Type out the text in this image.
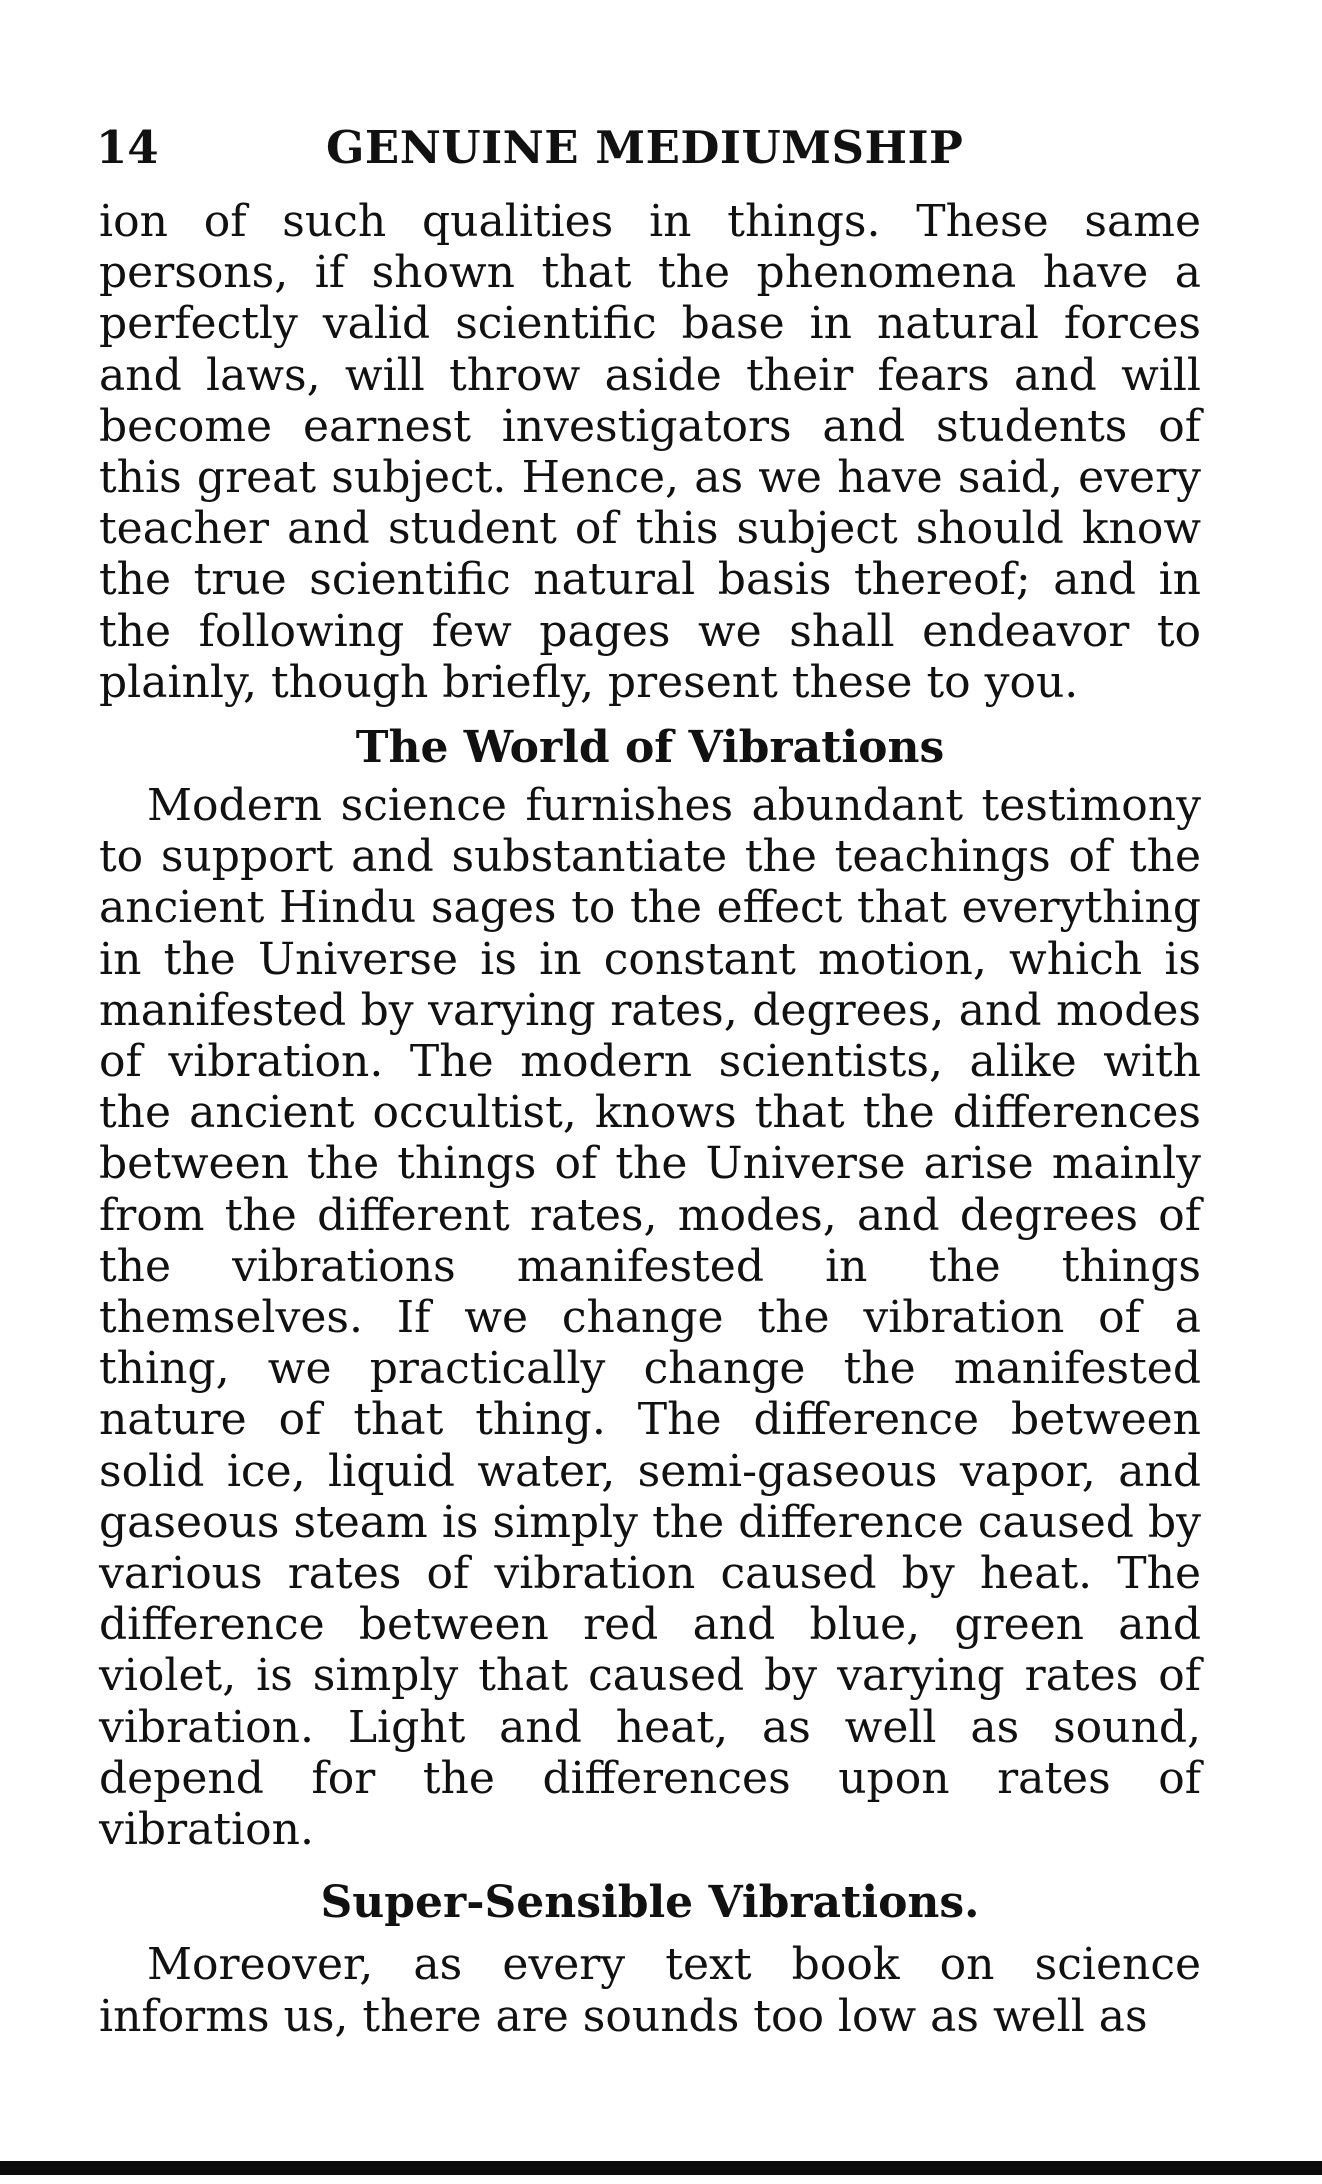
14	GENUINE MEDIUMSHIP

ion of such qualities in things. These same persons, if shown that the phenomena have a perfectly valid scientific base in natural forces and laws, will throw aside their fears and will become earnest investigators and students of this great subject. Hence, as we have said, every teacher and student of this subject should know the true scientific natural basis thereof; and in the following few pages we shall endeavor to plainly, though briefly, present these to you.

The World of Vibrations

Modern science furnishes abundant testimony to support and substantiate the teachings of the ancient Hindu sages to the effect that everything in the Universe is in constant motion, which is manifested by varying rates, degrees, and modes of vibration. The modern scientists, alike with the ancient occultist, knows that the differences between the things of the Universe arise mainly from the different rates, modes, and degrees of the vibrations manifested in the things themselves. If we change the vibration of a thing, we practically change the manifested nature of that thing. The difference between solid ice, liquid water, semi-gaseous vapor, and gaseous steam is simply the difference caused by various rates of vibration caused by heat. The difference between red and blue, green and violet, is simply that caused by varying rates of vibration. Light and heat, as well as sound, depend for the differences upon rates of vibration.

Super-Sensible Vibrations.

Moreover, as every text book on science informs us, there are sounds too low as well as
